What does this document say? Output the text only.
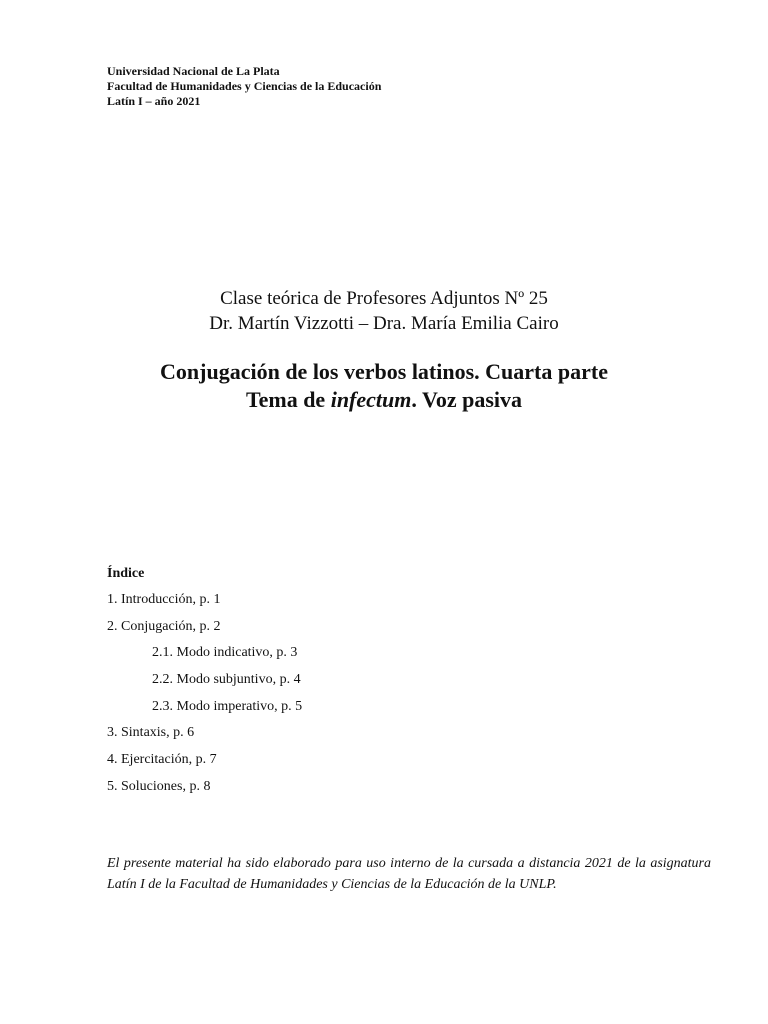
Universidad Nacional de La Plata
Facultad de Humanidades y Ciencias de la Educación
Latín I – año 2021
Clase teórica de Profesores Adjuntos Nº 25
Dr. Martín Vizzotti – Dra. María Emilia Cairo
Conjugación de los verbos latinos. Cuarta parte
Tema de infectum. Voz pasiva
Índice
1. Introducción, p. 1
2. Conjugación, p. 2
2.1. Modo indicativo, p. 3
2.2. Modo subjuntivo, p. 4
2.3. Modo imperativo, p. 5
3. Sintaxis, p. 6
4. Ejercitación, p. 7
5. Soluciones, p. 8
El presente material ha sido elaborado para uso interno de la cursada a distancia 2021 de la asignatura Latín I de la Facultad de Humanidades y Ciencias de la Educación de la UNLP.
